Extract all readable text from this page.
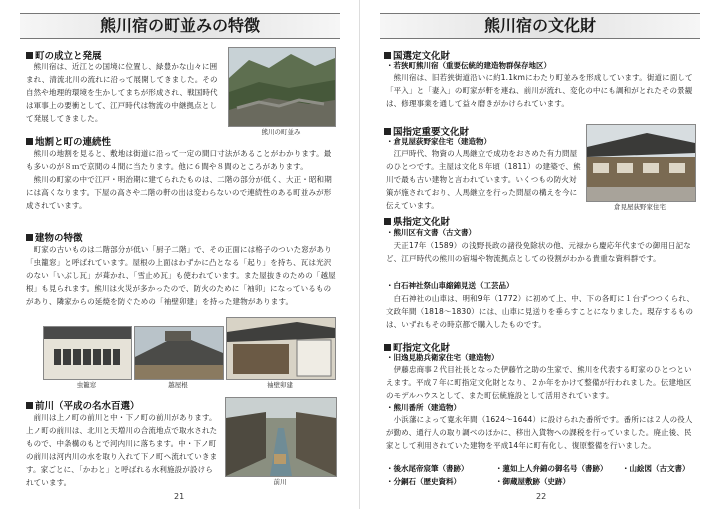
熊川宿の町並みの特徴
町の成立と発展

　熊川宿は、近江との国境に位置し、緑豊かな山々に囲まれ、清流北川の流れに沿って展開してきました。その自然や地理的環境を生かしてまちが形成され、戦国時代は軍事上の要衝として、江戸時代は物流の中継拠点として発展してきました。

熊川の町並み
地割と町の連続性

　熊川の地割を見ると、敷地は街道に沿って一定の間口寸法があることがわかります。最も多いのが８ｍで京間の４間に当たります。他に６間や８間のところがあります。
　熊川の町家の中で江戸・明治期に建てられたものは、二階の部分が低く、大正・昭和期には高くなります。下屋の高さや二階の軒の出は変わらないので連続性のある町並みが形成されています。

建物の特徴

　町家の古いものは二階部分が低い「厨子二階」で、その正面には格子のついた窓があり「虫籠窓」と呼ばれています。屋根の上面はわずかに凸となる「起り」を持ち、瓦は光沢のない「いぶし瓦」が葺かれ、「雪止め瓦」も使われています。また屋抜きのための「越屋根」も見られます。熊川は火災が多かったので、防火のために「袖卯」になっているものがあり、隣家からの延焼を防ぐための「袖壁卯建」を持った建物があります。

虫籠窓	越屋根	袖壁卯建
前川（平成の名水百選）

　前川は上ノ町の前川と中・下ノ町の前川があります。上ノ町の前川は、北川と天増川の合流地点で取水されたもので、中条構のもとで河内川に落ちます。中・下ノ町の前川は河内川の水を取り入れて下ノ町へ流れていきます。家ごとに、「かわと」と呼ばれる水利施設が設けられています。	前川
21
熊川宿の文化財
国選定文化財
・若狭町熊川宿（重要伝統的建造物群保存地区）

　熊川宿は、旧若狭街道沿いに約1.1kmにわたり町並みを形成しています。街道に面して「平入」と「妻入」の町家が軒を連ね、前川が流れ、変化の中にも調和がとれたその景観は、修理事業を通して益々磨きがかけられています。

国指定重要文化財
・倉見屋荻野家住宅（建造物）

　江戸時代、物資の人馬継立で成功をおさめた有力問屋のひとつです。主屋は文化８年頃（1811）の建築で、熊川で最も古い建物と言われています。いくつもの防火対策が施されており、人馬継立を行った問屋の構えを今に伝えています。	倉見屋荻野家住宅
県指定文化財
・熊川区有文書（古文書）

　天正17年（1589）の浅野長政の諸役免除状の他、元禄から慶応年代までの御用日記など、江戸時代の熊川の宿場や物流拠点としての役割がわかる貴重な資料群です。

・白石神社祭山車縮錦見送（工芸品）

　白石神社の山車は、明和9年（1772）に初めて上、中、下の各町に１台ずつつくられ、文政年間（1818～1830）には、山車に見送りを垂らすことになりました。現存するものは、いずれもその時京都で購入したものです。

町指定文化財
・旧逸見勘兵衛家住宅（建造物）

　伊藤忠商事２代目社長となった伊藤竹之助の生家で、熊川を代表する町家のひとつといえます。平成７年に町指定文化財となり、２か年をかけて整備が行われました。伝建地区のモデルハウスとして、また町伝統施設として活用されています。

・熊川番所（建造物）

　小浜藩によって寛永年間（1624～1644）に設けられた番所です。番所には２人の役人が勤め、通行人の取り調べのほかに、移出入貨物への課税を行っていました。廃止後、民家として利用されていた建物を平成14年に町有化し、復原整備を行いました。

・後水尾帝宸筆（書跡）	・蓮如上人弁錦の御名号（書跡） ・山絵図（古文書）
・分銅石（歴史資料）	・御蔵屋敷跡（史跡）
22
